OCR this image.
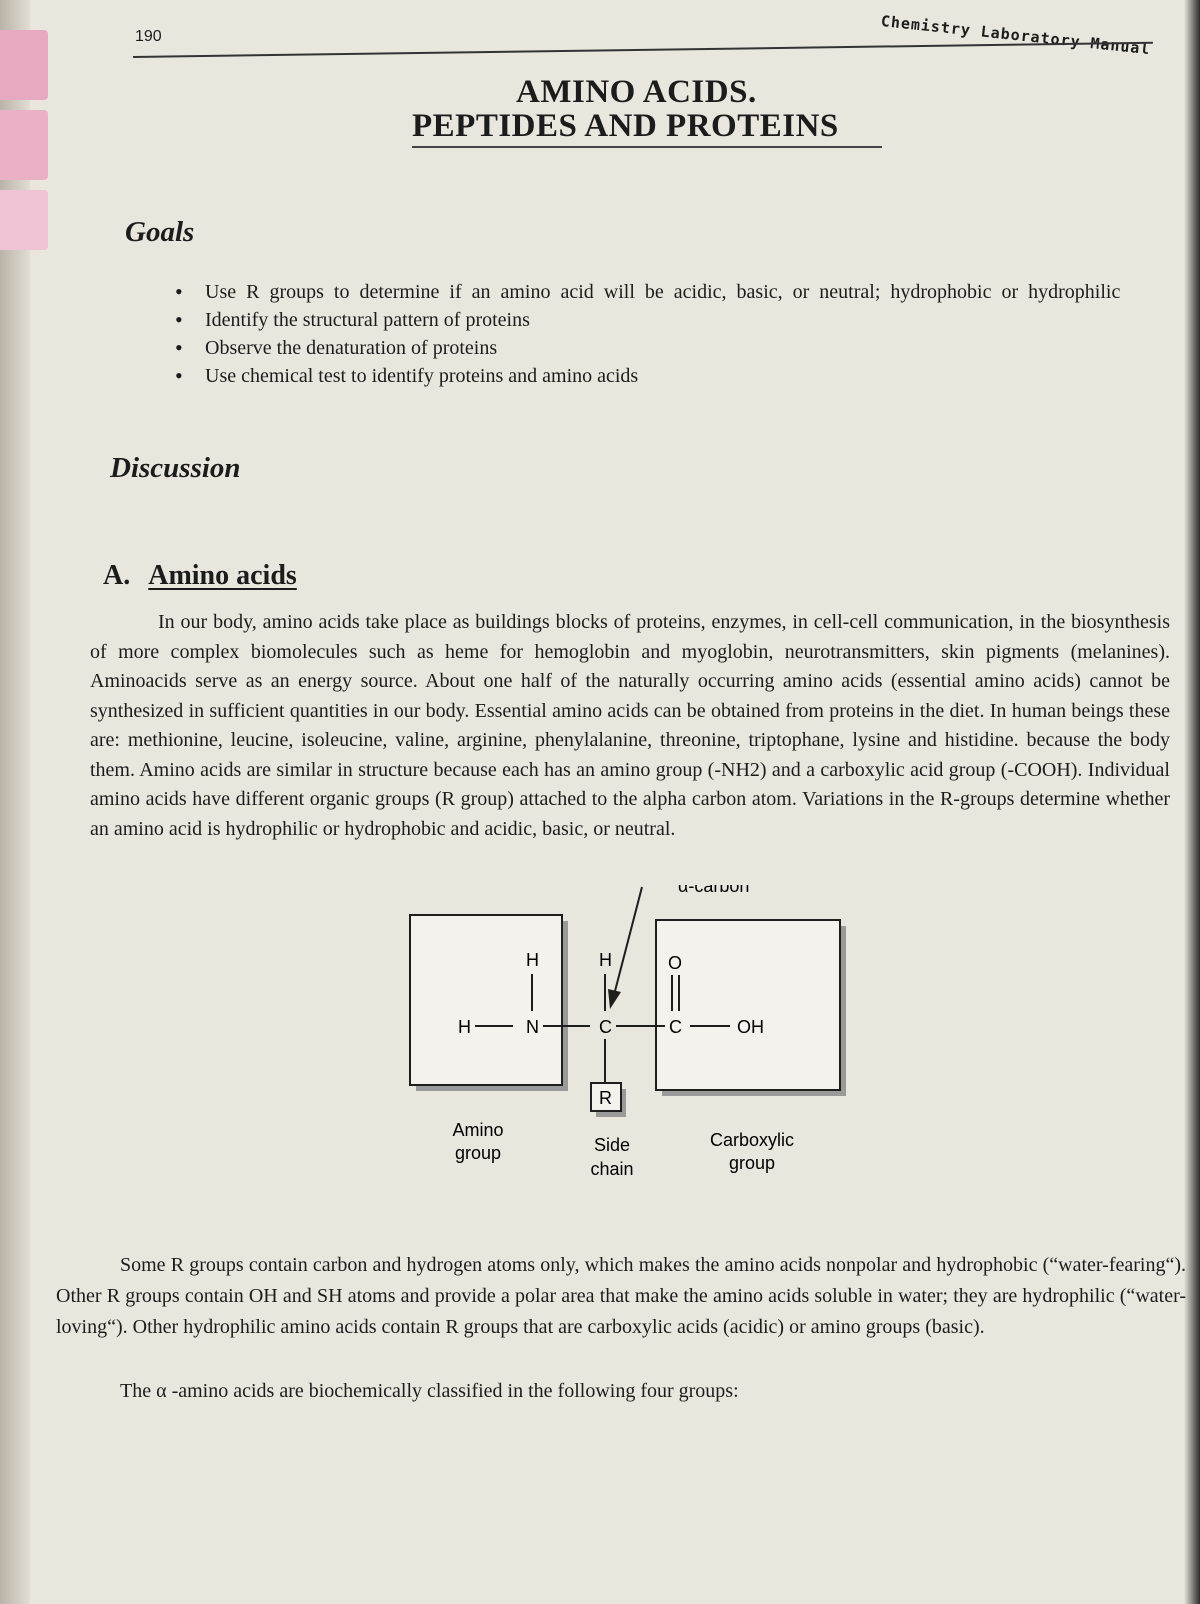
190	Chemistry Laboratory Manual
AMINO ACIDS.
PEPTIDES AND PROTEINS
Goals
• Use R groups to determine if an amino acid will be acidic, basic, or neutral; hydrophobic or hydrophilic
• Identify the structural pattern of proteins
• Observe the denaturation of proteins
• Use chemical test to identify proteins and amino acids
Discussion
A. Amino acids

In our body, amino acids take place as buildings blocks of proteins, enzymes, in cell-cell communication, in the biosynthesis of more complex biomolecules such as heme for hemoglobin and myoglobin, neurotransmitters, skin pigments (melanines). Aminoacids serve as an energy source. About one half of the naturally occurring amino acids (essential amino acids) cannot be synthesized in sufficient quantities in our body. Essential amino acids can be obtained from proteins in the diet. In human beings these are: methionine, leucine, isoleucine, valine, arginine, phenylalanine, threonine, triptophane, lysine and histidine. because the body them. Amino acids are similar in structure because each has an amino group (-NH2) and a carboxylic acid group (-COOH). Individual amino acids have different organic groups (R group) attached to the alpha carbon atom. Variations in the R-groups determine whether an amino acid is hydrophilic or hydrophobic and acidic, basic, or neutral.

H
H
N
H
C
O
C	OH
R
α-carbon
Amino
group	Side
chain
Carboxylic
group

Some R groups contain carbon and hydrogen atoms only, which makes the amino acids nonpolar and hydrophobic (“water-fearing“). Other R groups contain OH and SH atoms and provide a polar area that make the amino acids soluble in water; they are hydrophilic (“water-loving“). Other hydrophilic amino acids contain R groups that are carboxylic acids (acidic) or amino groups (basic).

The α -amino acids are biochemically classified in the following four groups:
